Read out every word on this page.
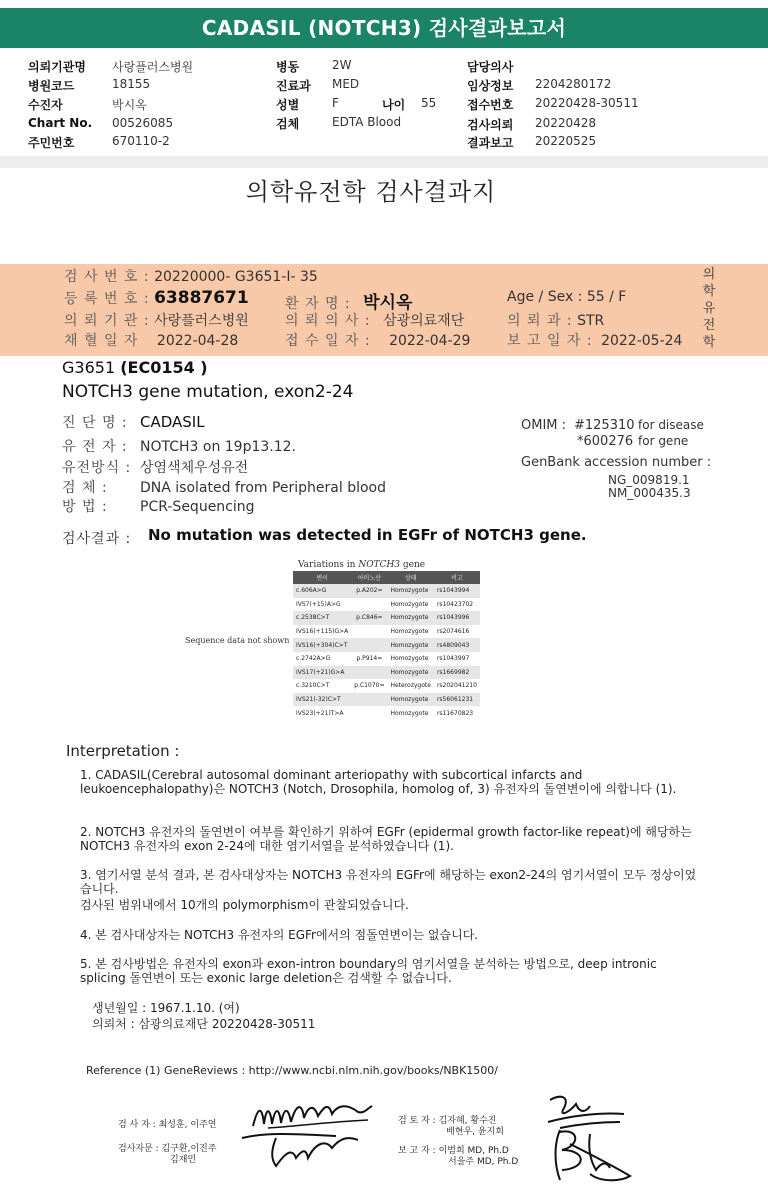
CADASIL (NOTCH3) 검사결과보고서
의뢰기관명 사랑플러스병원
병원코드	18155
수진자	박시옥
Chart No. 00526085
주민번호	670110-2
병동	2W
진료과 MED
성별	F	나이 55
검체	EDTA Blood
담당의사
임상정보 2204280172
접수번호 20220428-30511
검사의뢰 20220428
결과보고 20220525
의학유전학 검사결과지
검 사 번 호 : 20220000- G3651-I- 35
등 록 번 호 : 63887671	환 자 명 : 박시옥	Age / Sex : 55 / F
의 뢰 기 관 : 사랑플러스병원	의 뢰 의 사 : 삼광의료재단	의 뢰 과 : STR
채 혈 일 자 2022-04-28	접 수 일 자 : 2022-04-29	보 고 일 자 : 2022-05-24
의
학
유
전
학
G3651 (EC0154 )
NOTCH3 gene mutation, exon2-24
진 단 명 : CADASIL
유 전 자 : NOTCH3 on 19p13.12.
유전방식 : 상염색체우성유전
검 체 : DNA isolated from Peripheral blood
방 법 : PCR-Sequencing
OMIM : #125310 for disease
*600276 for gene
GenBank accession number :
NG_009819.1
NM_000435.3
검사결과 : No mutation was detected in EGFr of NOTCH3 gene.
Variations in NOTCH3 gene
Sequence data not shown
변이	아미노산	상태	비고
c.606A>G	p.A202=	Homozygote	rs1043994
IVS7(+15)A>G		Homozygote	rs10423702
c.2538C>T	p.C846=	Homozygote	rs1043996
IVS16(+115)G>A		Homozygote	rs2074616
IVS16(+304)C>T		Homozygote	rs4809043
c.2742A>G	p.P914=	Homozygote	rs1043997
IVS17(+21)G>A		Homozygote	rs1669982
c.3210C>T	p.C1070=	Heterozygote	rs202041210
IVS21(-32)C>T		Homozygote	rs56061231
IVS23(+21)T>A		Homozygote	rs11670823
Interpretation :
1. CADASIL(Cerebral autosomal dominant arteriopathy with subcortical infarcts and leukoencephalopathy)은 NOTCH3 (Notch, Drosophila, homolog of, 3) 유전자의 돌연변이에 의합니다 (1).
2. NOTCH3 유전자의 돌연변이 여부를 확인하기 위하여 EGFr (epidermal growth factor-like repeat)에 해당하는 NOTCH3 유전자의 exon 2-24에 대한 염기서열을 분석하였습니다 (1).
3. 염기서열 분석 결과, 본 검사대상자는 NOTCH3 유전자의 EGFr에 해당하는 exon2-24의 염기서열이 모두 정상이었습니다.
검사된 범위내에서 10개의 polymorphism이 관찰되었습니다.
4. 본 검사대상자는 NOTCH3 유전자의 EGFr에서의 점돌연변이는 없습니다.
5. 본 검사방법은 유전자의 exon과 exon-intron boundary의 염기서열을 분석하는 방법으로, deep intronic splicing 돌연변이 또는 exonic large deletion은 검색할 수 없습니다.
생년월일 : 1967.1.10. (여)
의뢰처 : 삼광의료재단 20220428-30511
Reference (1) GeneReviews : http://www.ncbi.nlm.nih.gov/books/NBK1500/
검 사 자 : 최성훈, 이주연
검사자문 : 김구환,이진주
김재민
검 토 자 : 김자혜, 황수진
배현우, 윤지희
보 고 자 : 이범희 MD, Ph.D
서을주 MD, Ph.D
